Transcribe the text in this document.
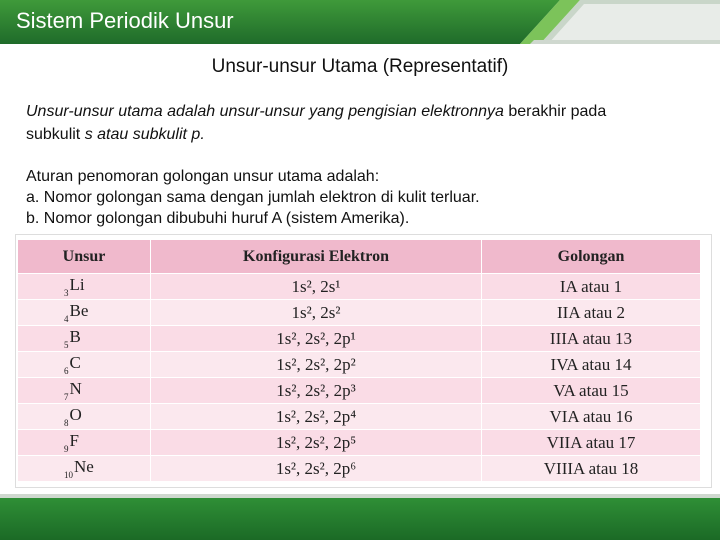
Sistem Periodik Unsur
Unsur-unsur Utama (Representatif)
Unsur-unsur utama adalah unsur-unsur yang pengisian elektronnya berakhir pada
subkulit s atau subkulit p.
Aturan penomoran golongan unsur utama adalah:
a. Nomor golongan sama dengan jumlah elektron di kulit terluar.
b. Nomor golongan dibubuhi huruf A (sistem Amerika).
Unsur	Konfigurasi Elektron	Golongan
$_3$Li	1s², 2s¹	IA atau 1
$_4$Be	1s², 2s²	IIA atau 2
$_5$B	1s², 2s², 2p¹	IIIA atau 13
$_6$C	1s², 2s², 2p²	IVA atau 14
$_7$N	1s², 2s², 2p³	VA atau 15
$_8$O	1s², 2s², 2p⁴	VIA atau 16
$_9$F	1s², 2s², 2p⁵	VIIA atau 17
$_{10}$Ne	1s², 2s², 2p⁶	VIIIA atau 18
